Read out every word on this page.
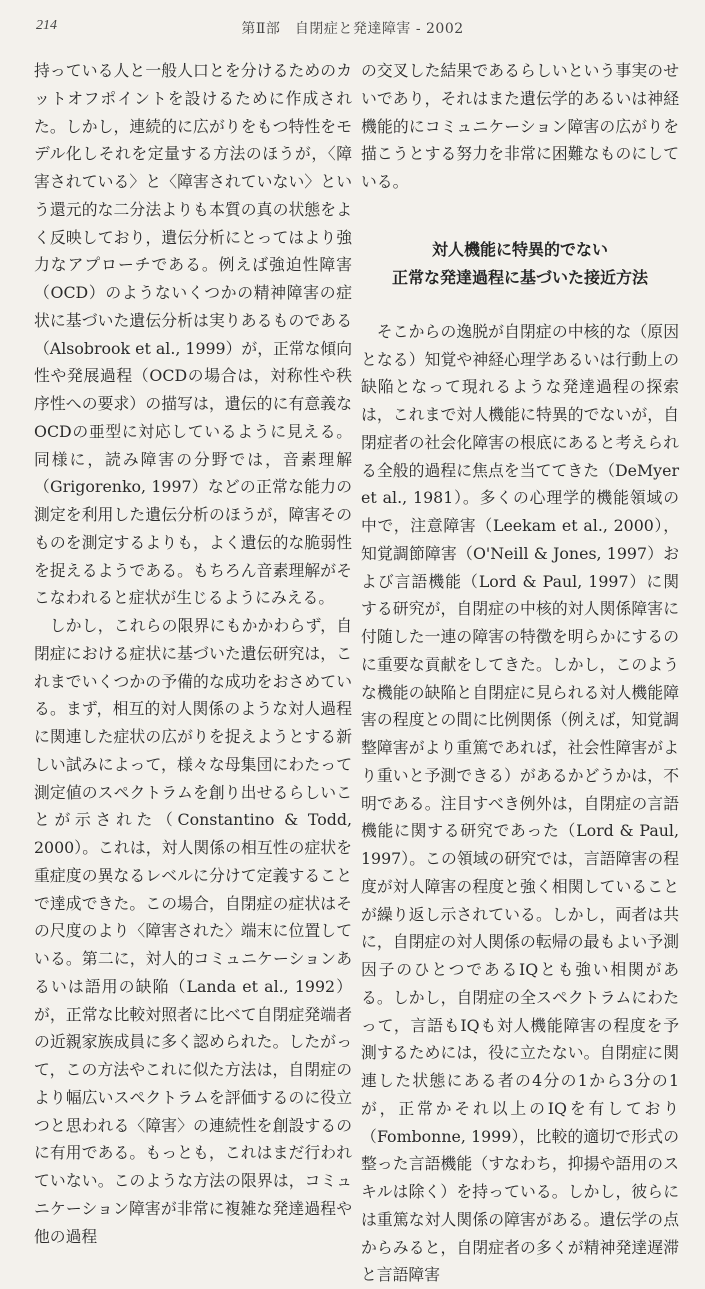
214	第Ⅱ部　自閉症と発達障害 - 2002

持っている人と一般人口とを分けるためのカットオフポイントを設けるために作成された。しかし，連続的に広がりをもつ特性をモデル化しそれを定量する方法のほうが，〈障害されている〉と〈障害されていない〉という還元的な二分法よりも本質の真の状態をよく反映しており，遺伝分析にとってはより強力なアプローチである。例えば強迫性障害（OCD）のようないくつかの精神障害の症状に基づいた遺伝分析は実りあるものである（Alsobrook et al., 1999）が，正常な傾向性や発展過程（OCDの場合は，対称性や秩序性への要求）の描写は，遺伝的に有意義なOCDの亜型に対応しているように見える。同様に，読み障害の分野では，音素理解（Grigorenko, 1997）などの正常な能力の測定を利用した遺伝分析のほうが，障害そのものを測定するよりも，よく遺伝的な脆弱性を捉えるようである。もちろん音素理解がそこなわれると症状が生じるようにみえる。

しかし，これらの限界にもかかわらず，自閉症における症状に基づいた遺伝研究は，これまでいくつかの予備的な成功をおさめている。まず，相互的対人関係のような対人過程に関連した症状の広がりを捉えようとする新しい試みによって，様々な母集団にわたって測定値のスペクトラムを創り出せるらしいことが示された（Constantino & Todd, 2000）。これは，対人関係の相互性の症状を重症度の異なるレベルに分けて定義することで達成できた。この場合，自閉症の症状はその尺度のより〈障害された〉端末に位置している。第二に，対人的コミュニケーションあるいは語用の缺陥（Landa et al., 1992）が，正常な比較対照者に比べて自閉症発端者の近親家族成員に多く認められた。したがって，この方法やこれに似た方法は，自閉症のより幅広いスペクトラムを評価するのに役立つと思われる〈障害〉の連続性を創設するのに有用である。もっとも，これはまだ行われていない。このような方法の限界は，コミュニケーション障害が非常に複雑な発達過程や他の過程

の交叉した結果であるらしいという事実のせいであり，それはまた遺伝学的あるいは神経機能的にコミュニケーション障害の広がりを描こうとする努力を非常に困難なものにしている。

対人機能に特異的でない
正常な発達過程に基づいた接近方法

そこからの逸脱が自閉症の中核的な（原因となる）知覚や神経心理学あるいは行動上の缺陥となって現れるような発達過程の探索は，これまで対人機能に特異的でないが，自閉症者の社会化障害の根底にあると考えられる全般的過程に焦点を当ててきた（DeMyer et al., 1981）。多くの心理学的機能領域の中で，注意障害（Leekam et al., 2000），知覚調節障害（O'Neill & Jones, 1997）および言語機能（Lord & Paul, 1997）に関する研究が，自閉症の中核的対人関係障害に付随した一連の障害の特徴を明らかにするのに重要な貢献をしてきた。しかし，このような機能の缺陥と自閉症に見られる対人機能障害の程度との間に比例関係（例えば，知覚調整障害がより重篤であれば，社会性障害がより重いと予測できる）があるかどうかは，不明である。注目すべき例外は，自閉症の言語機能に関する研究であった（Lord & Paul, 1997）。この領域の研究では，言語障害の程度が対人障害の程度と強く相関していることが繰り返し示されている。しかし，両者は共に，自閉症の対人関係の転帰の最もよい予測因子のひとつであるIQとも強い相関がある。しかし，自閉症の全スペクトラムにわたって，言語もIQも対人機能障害の程度を予測するためには，役に立たない。自閉症に関連した状態にある者の4分の1から3分の1が，正常かそれ以上のIQを有しており（Fombonne, 1999），比較的適切で形式の整った言語機能（すなわち，抑揚や語用のスキルは除く）を持っている。しかし，彼らには重篤な対人関係の障害がある。遺伝学の点からみると，自閉症者の多くが精神発達遅滞と言語障害
